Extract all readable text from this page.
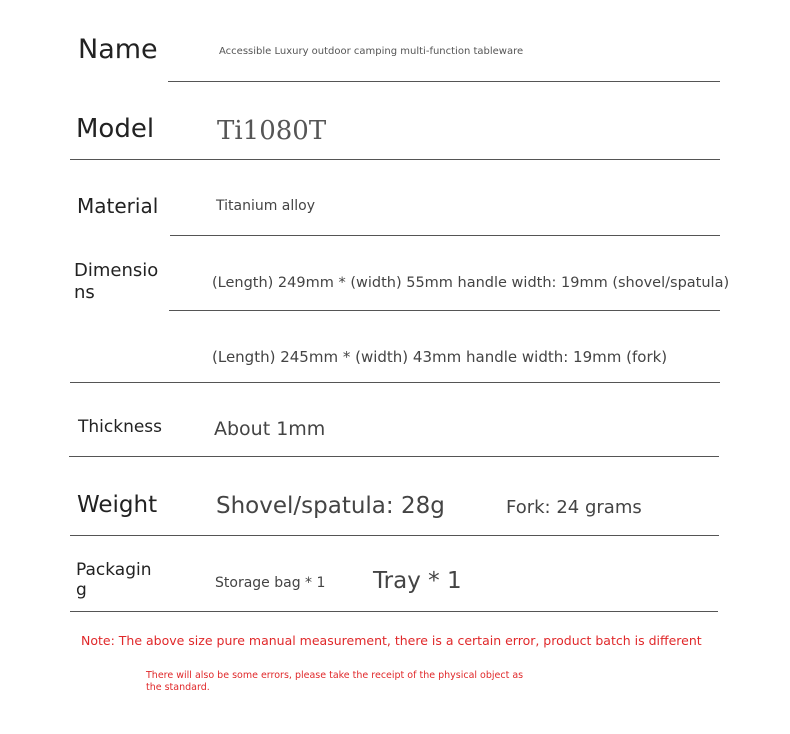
Name	Accessible Luxury outdoor camping multi-function tableware
Model Ti1080T
Material	Titanium alloy
Dimensio
ns	(Length) 249mm * (width) 55mm handle width: 19mm (shovel/spatula)
(Length) 245mm * (width) 43mm handle width: 19mm (fork)
Thickness	About 1mm
Weight	Shovel/spatula: 28g	Fork: 24 grams
Packagin
g	Storage bag * 1 Tray * 1
Note: The above size pure manual measurement, there is a certain error, product batch is different
There will also be some errors, please take the receipt of the physical object as
the standard.
